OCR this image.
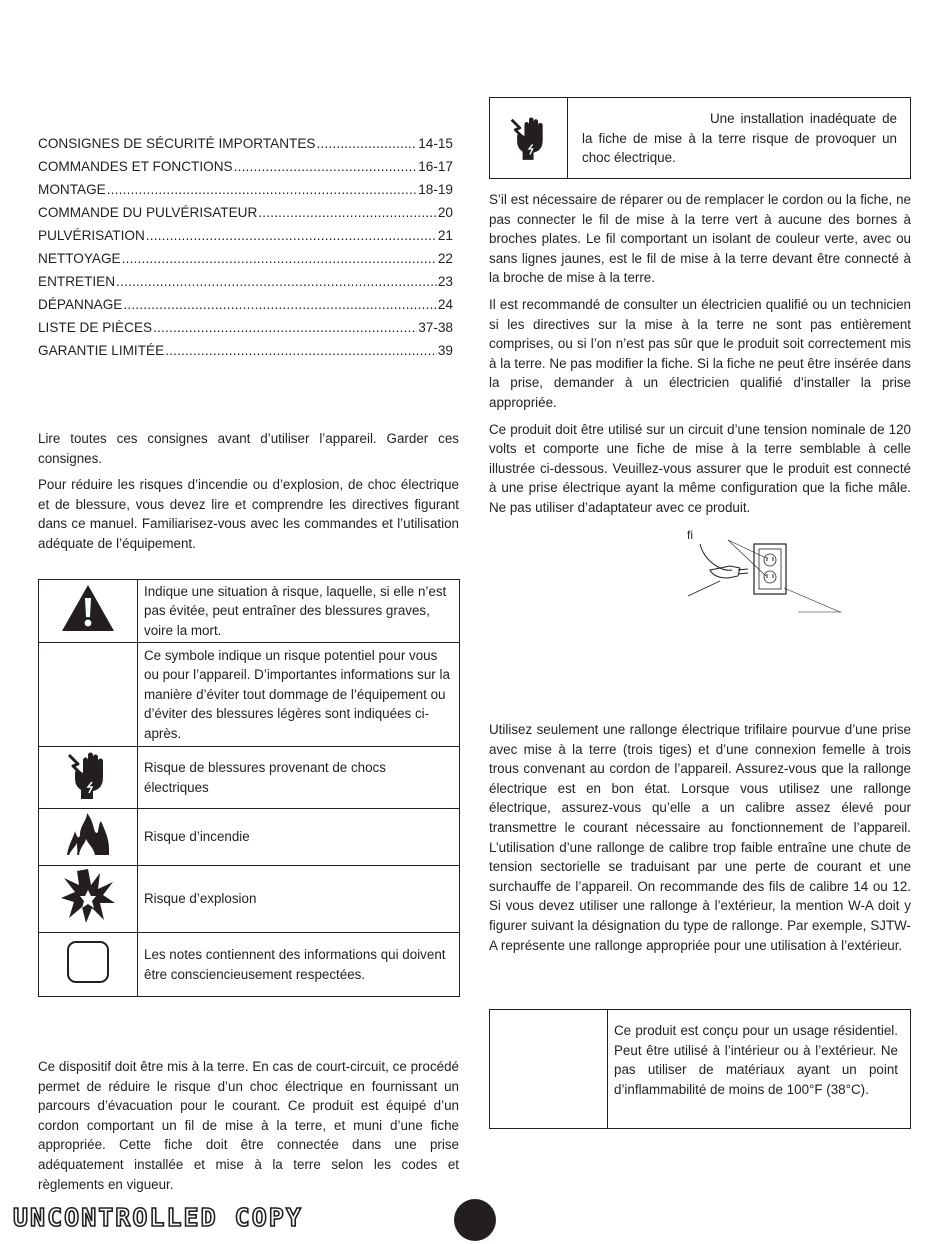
CONSIGNES DE SÉCURITÉ IMPORTANTES .....	14-15
COMMANDES ET FONCTIONS .....	16-17
MONTAGE .....	18-19
COMMANDE DU PULVÉRISATEUR .....	20
PULVÉRISATION .....	21
NETTOYAGE .....	22
ENTRETIEN .....	23
DÉPANNAGE .....	24
LISTE DE PIÈCES .....	37-38
GARANTIE LIMITÉE .....	39

Lire toutes ces consignes avant d’utiliser l’appareil. Garder ces consignes.

Pour réduire les risques d’incendie ou d’explosion, de choc électrique et de blessure, vous devez lire et comprendre les directives figurant dans ce manuel. Familiarisez-vous avec les commandes et l’utilisation adéquate de l’équipement.

	Indique une situation à risque, laquelle, si elle n’est pas évitée, peut entraîner des blessures graves, voire la mort.
	Ce symbole indique un risque potentiel pour vous ou pour l’appareil. D’importantes informations sur la manière d’éviter tout dommage de l’équipement ou d’éviter des blessures légères sont indiquées ci-après.
	Risque de blessures provenant de chocs électriques
	Risque d’incendie
	Risque d’explosion
	Les notes contiennent des informations qui doivent être consciencieusement respectées.

Ce dispositif doit être mis à la terre. En cas de court-circuit, ce procédé permet de réduire le risque d’un choc électrique en fournissant un parcours d’évacuation pour le courant. Ce produit est équipé d’un cordon comportant un fil de mise à la terre, et muni d’une fiche appropriée. Cette fiche doit être connectée dans une prise adéquatement installée et mise à la terre selon les codes et règlements en vigueur.

Une installation inadéquate de la fiche de mise à la terre risque de provoquer un choc électrique.

S’il est nécessaire de réparer ou de remplacer le cordon ou la fiche, ne pas connecter le fil de mise à la terre vert à aucune des bornes à broches plates. Le fil comportant un isolant de couleur verte, avec ou sans lignes jaunes, est le fil de mise à la terre devant être connecté à la broche de mise à la terre.

Il est recommandé de consulter un électricien qualifié ou un technicien si les directives sur la mise à la terre ne sont pas entièrement comprises, ou si l’on n’est pas sûr que le produit soit correctement mis à la terre. Ne pas modifier la fiche. Si la fiche ne peut être insérée dans la prise, demander à un électricien qualifié d’installer la prise appropriée.

Ce produit doit être utilisé sur un circuit d’une tension nominale de 120 volts et comporte une fiche de mise à la terre semblable à celle illustrée ci-dessous. Veuillez-vous assurer que le produit est connecté à une prise électrique ayant la même configuration que la fiche mâle. Ne pas utiliser d’adaptateur avec ce produit.

fi

Utilisez seulement une rallonge électrique trifilaire pourvue d’une prise avec mise à la terre (trois tiges) et d’une connexion femelle à trois trous convenant au cordon de l’appareil. Assurez-vous que la rallonge électrique est en bon état. Lorsque vous utilisez une rallonge électrique, assurez-vous qu’elle a un calibre assez élevé pour transmettre le courant nécessaire au fonctionnement de l’appareil. L’utilisation d’une rallonge de calibre trop faible entraîne une chute de tension sectorielle se traduisant par une perte de courant et une surchauffe de l’appareil. On recommande des fils de calibre 14 ou 12. Si vous devez utiliser une rallonge à l’extérieur, la mention W-A doit y figurer suivant la désignation du type de rallonge. Par exemple, SJTW-A représente une rallonge appropriée pour une utilisation à l’extérieur.

Ce produit est conçu pour un usage résidentiel. Peut être utilisé à l’intérieur ou à l’extérieur. Ne pas utiliser de matériaux ayant un point d’inflammabilité de moins de 100°F (38°C).
UNCONTROLLED COPY
